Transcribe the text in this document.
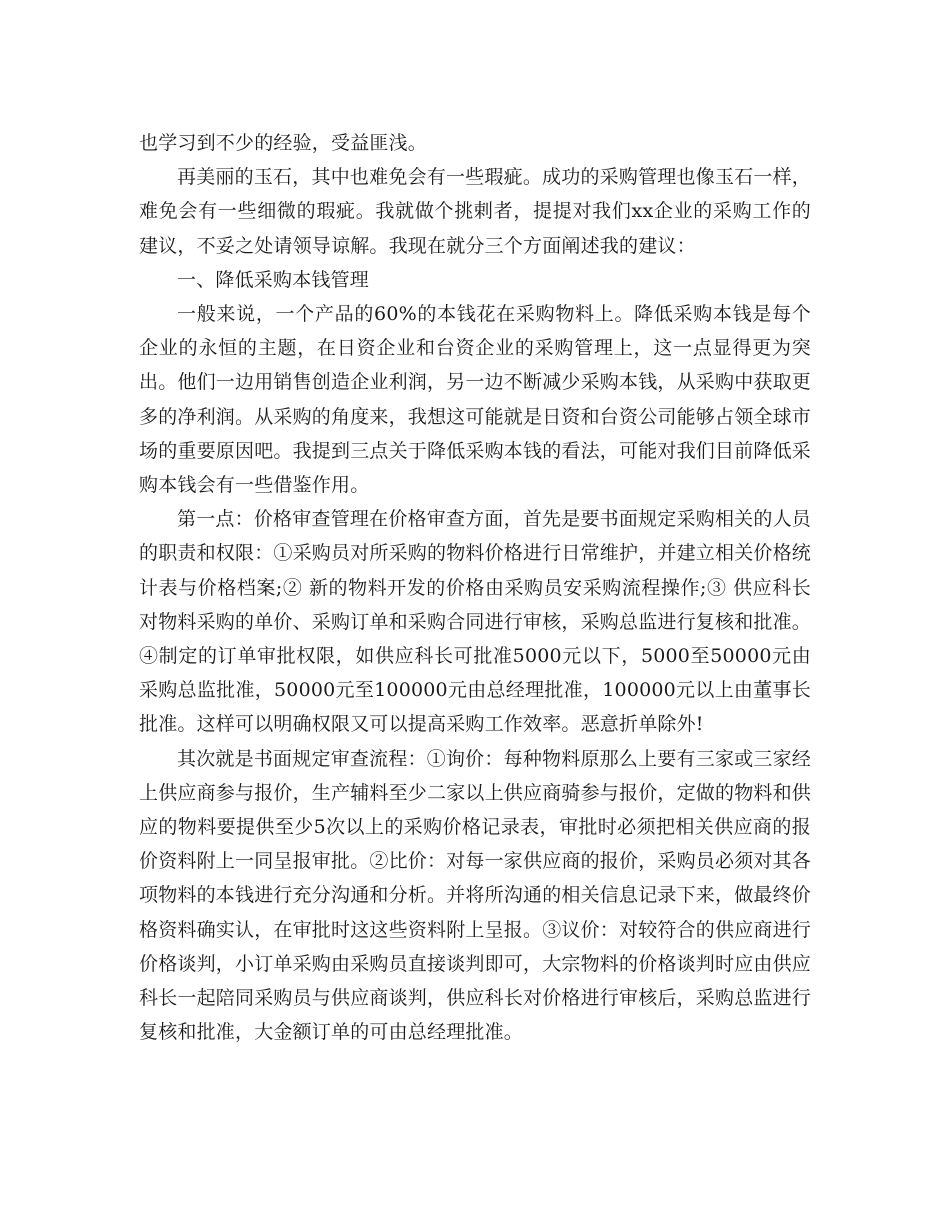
也学习到不少的经验，受益匪浅。

再美丽的玉石，其中也难免会有一些瑕疵。成功的采购管理也像玉石一样，难免会有一些细微的瑕疵。我就做个挑剌者，提提对我们xx企业的采购工作的建议，不妥之处请领导谅解。我现在就分三个方面阐述我的建议：

一、降低采购本钱管理

一般来说，一个产品的60%的本钱花在采购物料上。降低采购本钱是每个企业的永恒的主题，在日资企业和台资企业的采购管理上，这一点显得更为突出。他们一边用销售创造企业利润，另一边不断减少采购本钱，从采购中获取更多的净利润。从采购的角度来，我想这可能就是日资和台资公司能够占领全球市场的重要原因吧。我提到三点关于降低采购本钱的看法，可能对我们目前降低采购本钱会有一些借鉴作用。

第一点：价格审查管理在价格审查方面，首先是要书面规定采购相关的人员的职责和权限：①采购员对所采购的物料价格进行日常维护，并建立相关价格统计表与价格档案;② 新的物料开发的价格由采购员安采购流程操作;③ 供应科长对物料采购的单价、采购订单和采购合同进行审核，采购总监进行复核和批准。④制定的订单审批权限，如供应科长可批准5000元以下，5000至50000元由采购总监批准，50000元至100000元由总经理批准，100000元以上由董事长批准。这样可以明确权限又可以提高采购工作效率。恶意折单除外!

其次就是书面规定审查流程：①询价：每种物料原那么上要有三家或三家经上供应商参与报价，生产辅料至少二家以上供应商骑参与报价，定做的物料和供应的物料要提供至少5次以上的采购价格记录表，审批时必须把相关供应商的报价资料附上一同呈报审批。②比价：对每一家供应商的报价，采购员必须对其各项物料的本钱进行充分沟通和分析。并将所沟通的相关信息记录下来，做最终价格资料确实认，在审批时这这些资料附上呈报。③议价：对较符合的供应商进行价格谈判，小订单采购由采购员直接谈判即可，大宗物料的价格谈判时应由供应科长一起陪同采购员与供应商谈判，供应科长对价格进行审核后，采购总监进行复核和批准，大金额订单的可由总经理批准。
